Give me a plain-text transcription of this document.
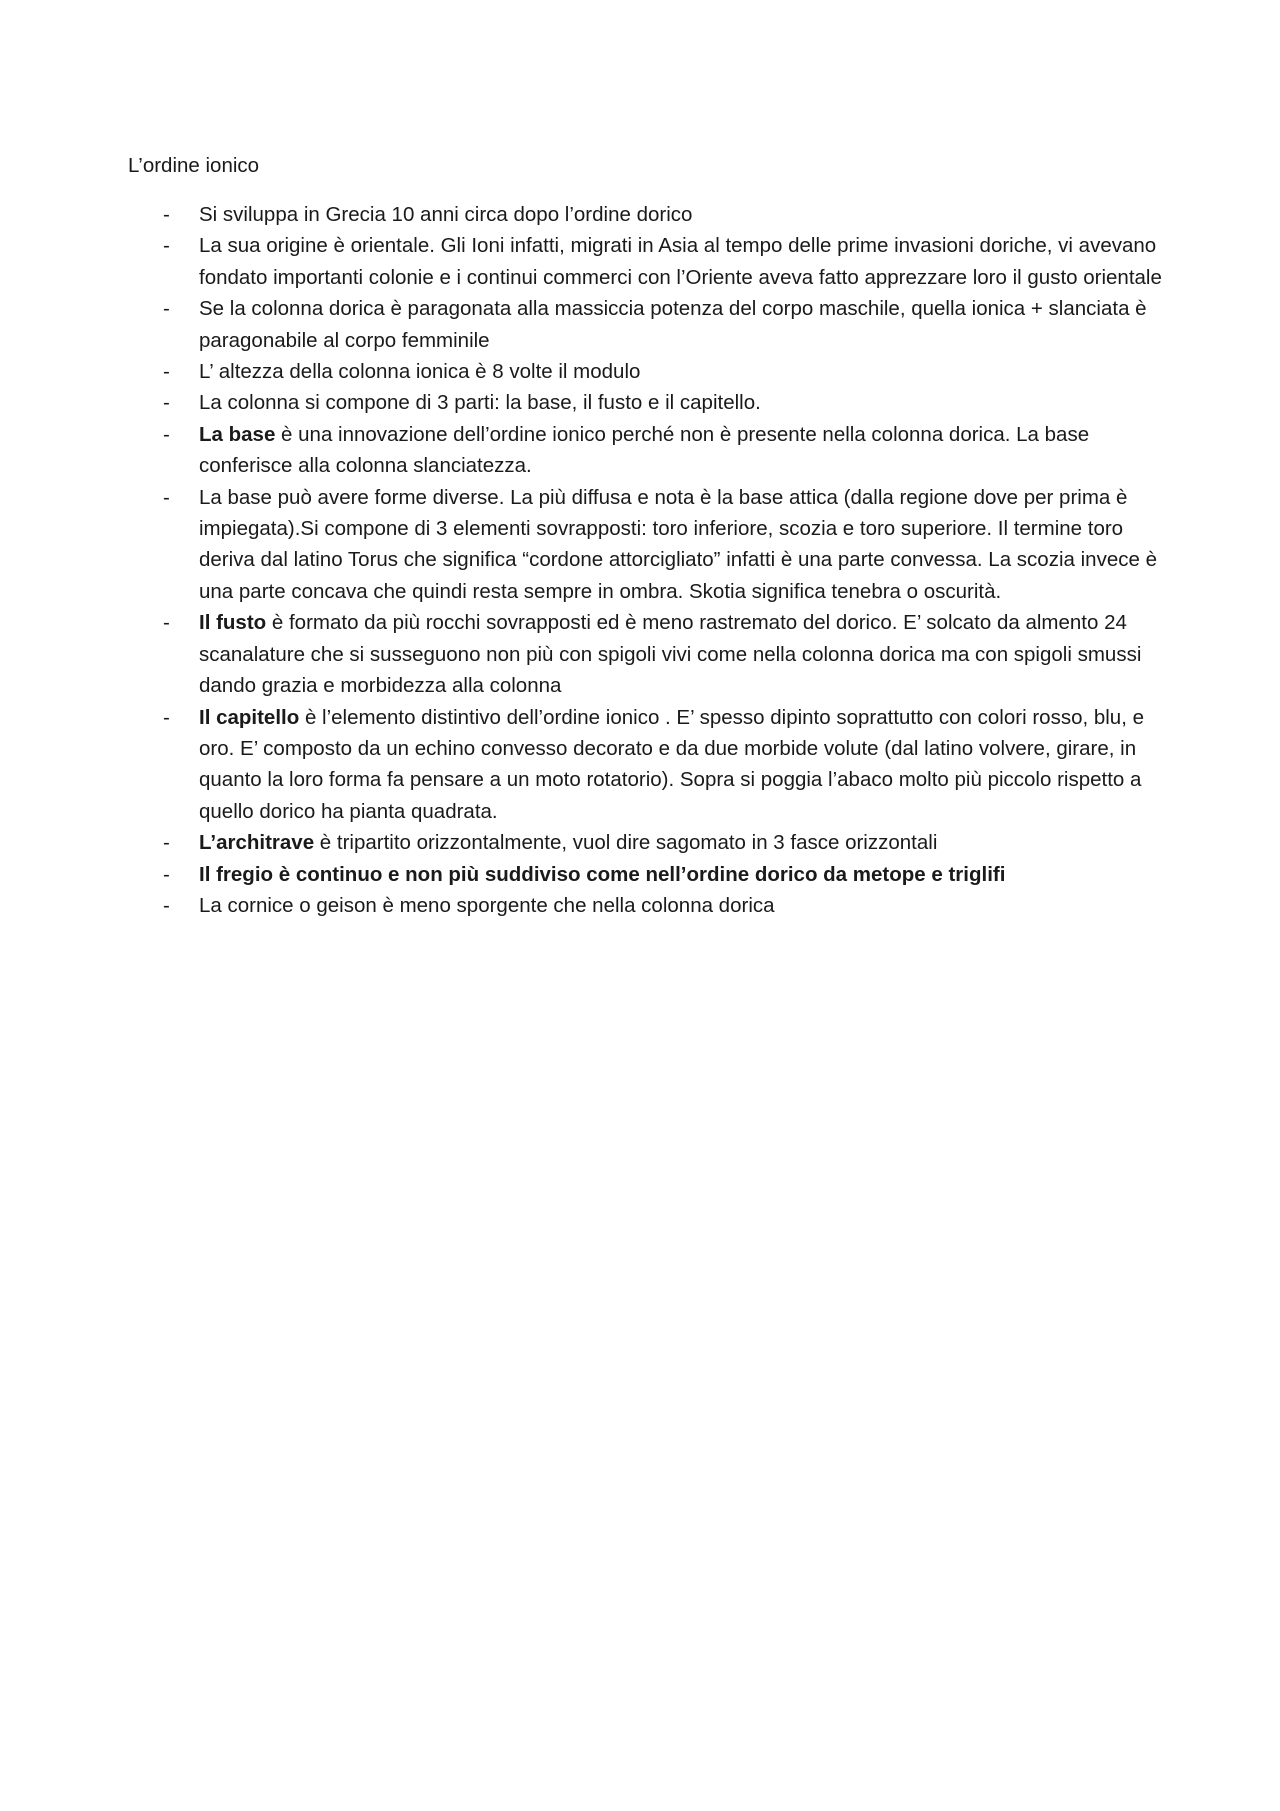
L’ordine ionico
- Si sviluppa in Grecia 10 anni circa dopo l’ordine dorico
- La sua origine è orientale. Gli Ioni infatti, migrati in Asia al tempo delle prime invasioni doriche, vi avevano fondato importanti colonie e i continui commerci con l’Oriente aveva fatto apprezzare loro il gusto orientale
- Se la colonna dorica è paragonata alla massiccia potenza del corpo maschile, quella ionica + slanciata è paragonabile al corpo femminile
- L’ altezza della colonna ionica è 8 volte il modulo
- La colonna si compone di 3 parti: la base, il fusto e il capitello.
- La base è una innovazione dell’ordine ionico perché non è presente nella colonna dorica. La base conferisce alla colonna slanciatezza.
- La base può avere forme diverse. La più diffusa e nota è la base attica (dalla regione dove per prima è impiegata).Si compone di 3 elementi sovrapposti: toro inferiore, scozia e toro superiore. Il termine toro deriva dal latino Torus che significa “cordone attorcigliato” infatti è una parte convessa. La scozia invece è una parte concava che quindi resta sempre in ombra. Skotia significa tenebra o oscurità.
- Il fusto è formato da più rocchi sovrapposti ed è meno rastremato del dorico. E’ solcato da almento 24 scanalature che si susseguono non più con spigoli vivi come nella colonna dorica ma con spigoli smussi dando grazia e morbidezza alla colonna
- Il capitello è l’elemento distintivo dell’ordine ionico . E’ spesso dipinto soprattutto con colori rosso, blu, e oro. E’ composto da un echino convesso decorato e da due morbide volute (dal latino volvere, girare, in quanto la loro forma fa pensare a un moto rotatorio). Sopra si poggia l’abaco molto più piccolo rispetto a quello dorico ha pianta quadrata.
- L’architrave è tripartito orizzontalmente, vuol dire sagomato in 3 fasce orizzontali
- Il fregio è continuo e non più suddiviso come nell’ordine dorico da metope e triglifi
- La cornice o geison è meno sporgente che nella colonna dorica
